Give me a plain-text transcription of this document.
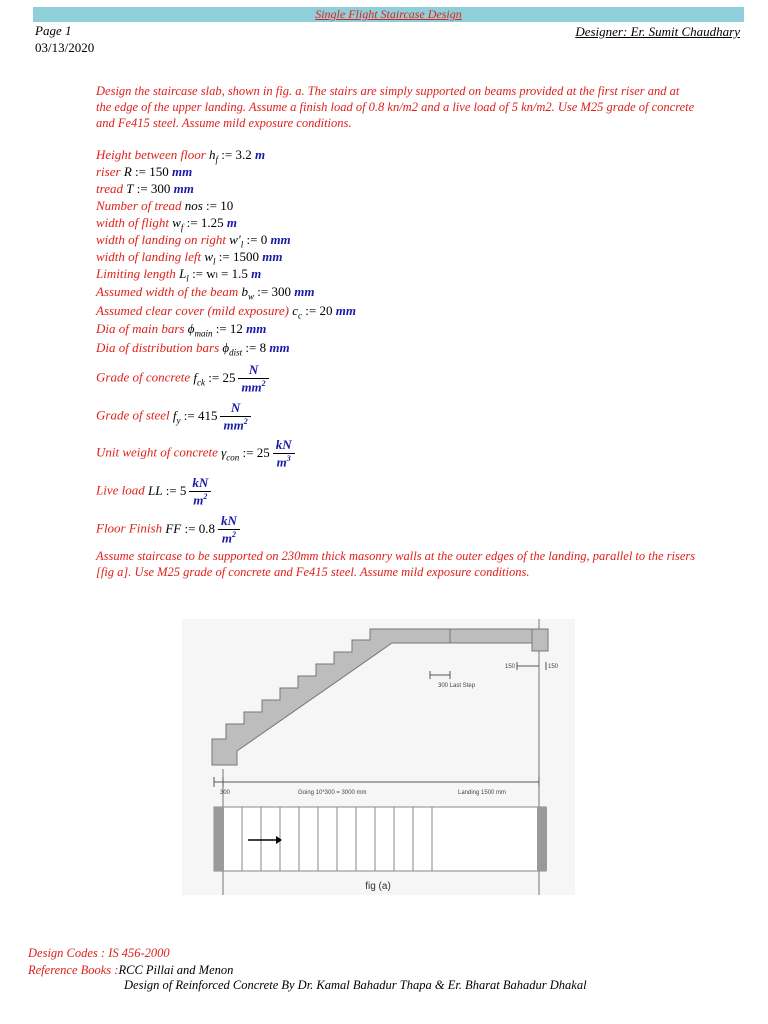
Single Flight Staircase Design
Page 1
03/13/2020
Designer: Er. Sumit Chaudhary
Design the staircase slab, shown in fig. a. The stairs are simply supported on beams provided at the first riser and at the edge of the upper landing. Assume a finish load of 0.8 kn/m2 and a live load of 5 kn/m2. Use M25 grade of concrete and Fe415 steel. Assume mild exposure conditions.
Height between floor $h_f$ := 3.2 m
riser R := 150 mm
tread T := 300 mm
Number of tread nos := 10
width of flight $w_f$ := 1.25 m
width of landing on right $w'_l$ := 0 mm
width of landing left $w_l$ := 1500 mm
Limiting length $L_l$ := wₗ = 1.5 m
Assumed width of the beam $b_w$ := 300 mm
Assumed clear cover (mild exposure) $c_c$ := 20 mm
Dia of main bars $\phi_{main}$ := 12 mm
Dia of distribution bars $\phi_{dist}$ := 8 mm
Grade of concrete $f_{ck}$ := $25 \frac{N}{mm^2}$
Grade of steel $f_y$ := $415 \frac{N}{mm^2}$
Unit weight of concrete $\gamma_{con}$ := $25 \frac{kN}{m^3}$
Live load LL := $5 \frac{kN}{m^2}$
Floor Finish FF := $0.8 \frac{kN}{m^2}$
Assume staircase to be supported on 230mm thick masonry walls at the outer edges of the landing, parallel to the risers [fig a]. Use M25 grade of concrete and Fe415 steel. Assume mild exposure conditions.
150	150
300 Last Step
300	Going 10*300 = 3000 mm	Landing 1500 mm
fig (a)
Design Codes : IS 456-2000
Reference Books :RCC Pillai and Menon
Design of Reinforced Concrete By Dr. Kamal Bahadur Thapa & Er. Bharat Bahadur Dhakal
